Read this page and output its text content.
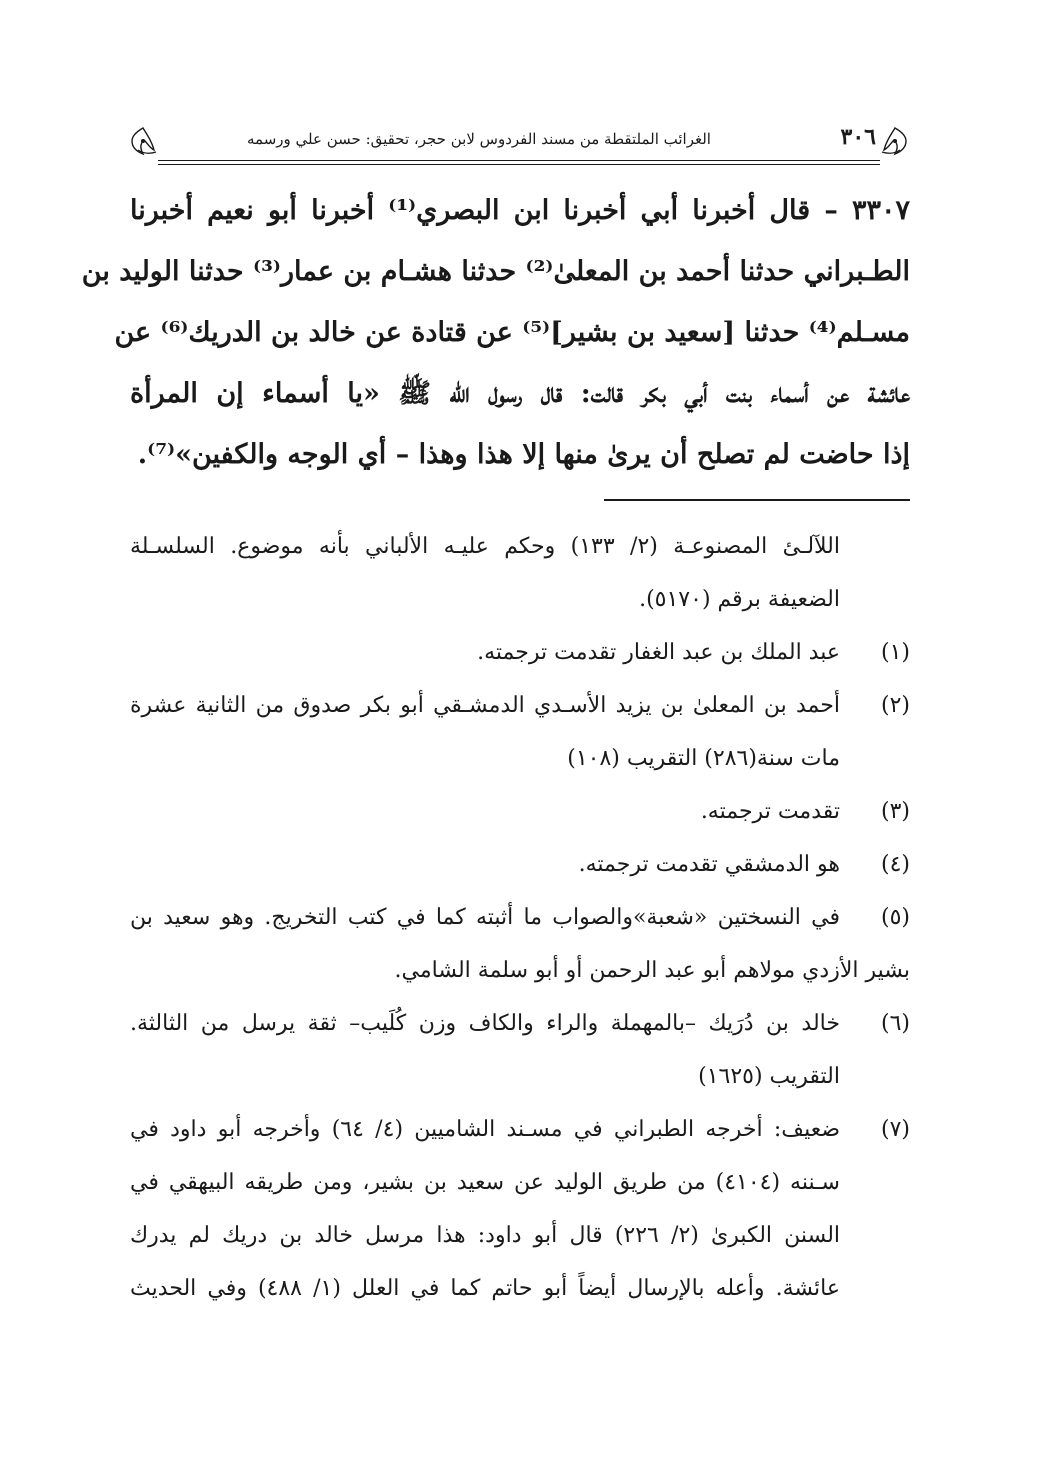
٣٠٦
الغرائب الملتقطة من مسند الفردوس لابن حجر، تحقيق: حسن علي ورسمه
٣٣٠٧ – قال أخبرنا أبي أخبرنا ابن البصري⁽¹⁾ أخبرنا أبو نعيم أخبرنا
الطـبراني حدثنا أحمد بن المعلىٰ⁽²⁾ حدثنا هشـام بن عمار⁽³⁾ حدثنا الوليد بن
مسـلم⁽⁴⁾ حدثنا [سعيد بن بشير]⁽⁵⁾ عن قتادة عن خالد بن الدريك⁽⁶⁾ عن
عائشة عن أسماء بنت أبي بكر قالت: قال رسول الله ﷺ «يا أسماء إن المرأة
إذا حاضت لم تصلح أن يرىٰ منها إلا هذا وهذا – أي الوجه والكفين»⁽⁷⁾.
اللآلـئ المصنوعـة (٢/ ١٣٣) وحكم عليـه الألباني بأنه موضوع. السلسـلة
الضعيفة برقم (٥١٧٠).
(١)
عبد الملك بن عبد الغفار تقدمت ترجمته.
(٢)
أحمد بن المعلىٰ بن يزيد الأسـدي الدمشـقي أبو بكر صدوق من الثانية عشرة
مات سنة(٢٨٦) التقريب (١٠٨)
(٣)
تقدمت ترجمته.
(٤)
هو الدمشقي تقدمت ترجمته.
(٥)
في النسختين «شعبة»والصواب ما أثبته كما في كتب التخريج. وهو سعيد بن
بشير الأزدي مولاهم أبو عبد الرحمن أو أبو سلمة الشامي.
(٦)
خالد بن دُرَيك –بالمهملة والراء والكاف وزن كُلَيب– ثقة يرسل من الثالثة.
التقريب (١٦٢٥)
(٧)
ضعيف: أخرجه الطبراني في مسـند الشاميين (٤/ ٦٤) وأخرجه أبو داود في
سـننه (٤١٠٤) من طريق الوليد عن سعيد بن بشير، ومن طريقه البيهقي في
السنن الكبرىٰ (٢/ ٢٢٦) قال أبو داود: هذا مرسل خالد بن دريك لم يدرك
عائشة. وأعله بالإرسال أيضاً أبو حاتم كما في العلل (١/ ٤٨٨) وفي الحديث
